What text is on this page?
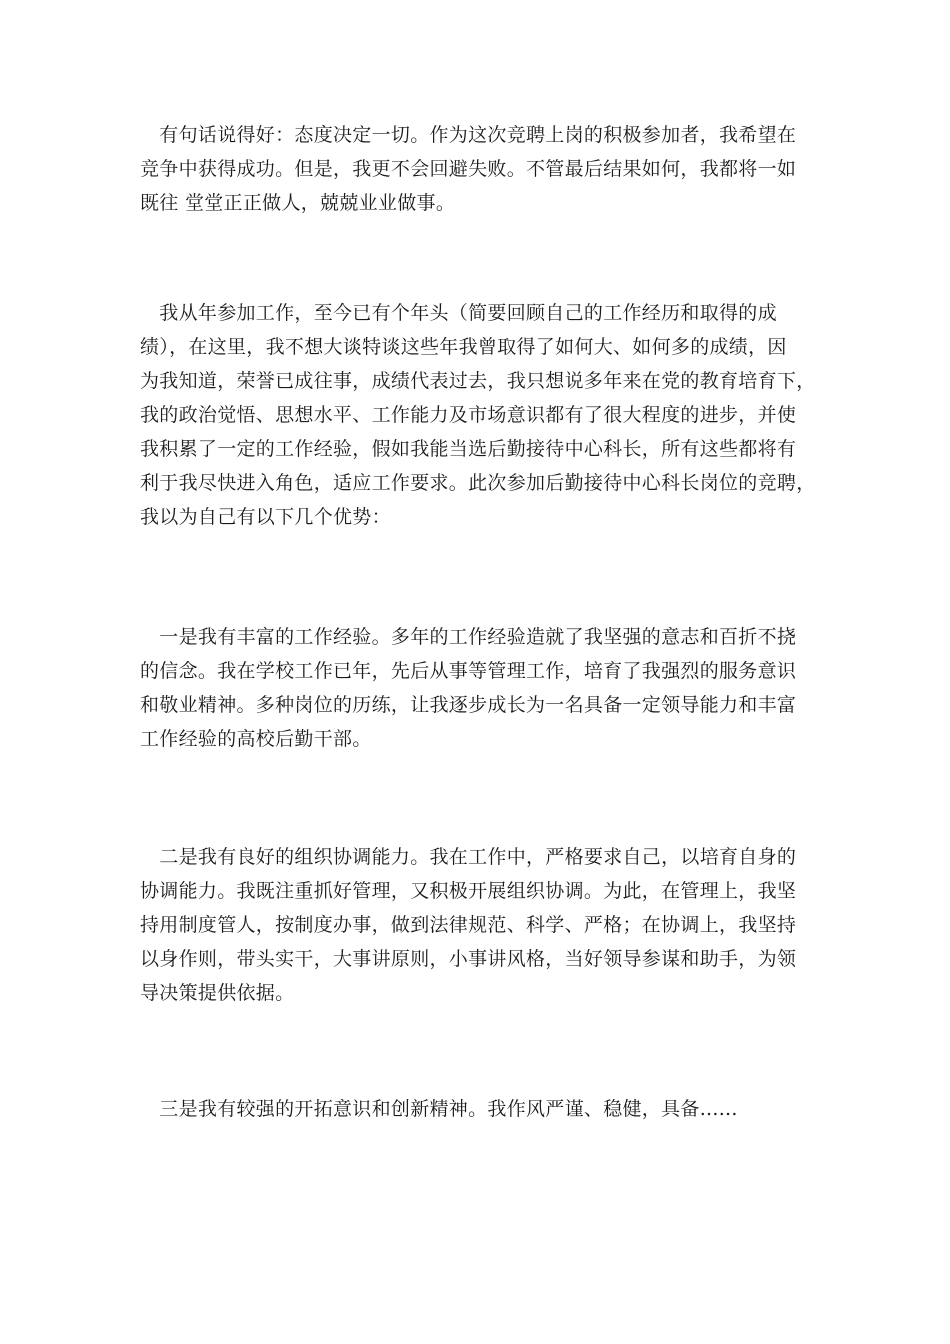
　有句话说得好：态度决定一切。作为这次竞聘上岗的积极参加者，我希望在
竞争中获得成功。但是，我更不会回避失败。不管最后结果如何，我都将一如
既往 堂堂正正做人，兢兢业业做事。
　我从年参加工作，至今已有个年头（简要回顾自己的工作经历和取得的成
绩），在这里，我不想大谈特谈这些年我曾取得了如何大、如何多的成绩，因
为我知道，荣誉已成往事，成绩代表过去，我只想说多年来在党的教育培育下，
我的政治觉悟、思想水平、工作能力及市场意识都有了很大程度的进步，并使
我积累了一定的工作经验，假如我能当选后勤接待中心科长，所有这些都将有
利于我尽快进入角色，适应工作要求。此次参加后勤接待中心科长岗位的竞聘，
我以为自己有以下几个优势：
　一是我有丰富的工作经验。多年的工作经验造就了我坚强的意志和百折不挠
的信念。我在学校工作已年，先后从事等管理工作，培育了我强烈的服务意识
和敬业精神。多种岗位的历练，让我逐步成长为一名具备一定领导能力和丰富
工作经验的高校后勤干部。
　二是我有良好的组织协调能力。我在工作中，严格要求自己，以培育自身的
协调能力。我既注重抓好管理，又积极开展组织协调。为此，在管理上，我坚
持用制度管人，按制度办事，做到法律规范、科学、严格；在协调上，我坚持
以身作则，带头实干，大事讲原则，小事讲风格，当好领导参谋和助手，为领
导决策提供依据。
　三是我有较强的开拓意识和创新精神。我作风严谨、稳健，具备......
